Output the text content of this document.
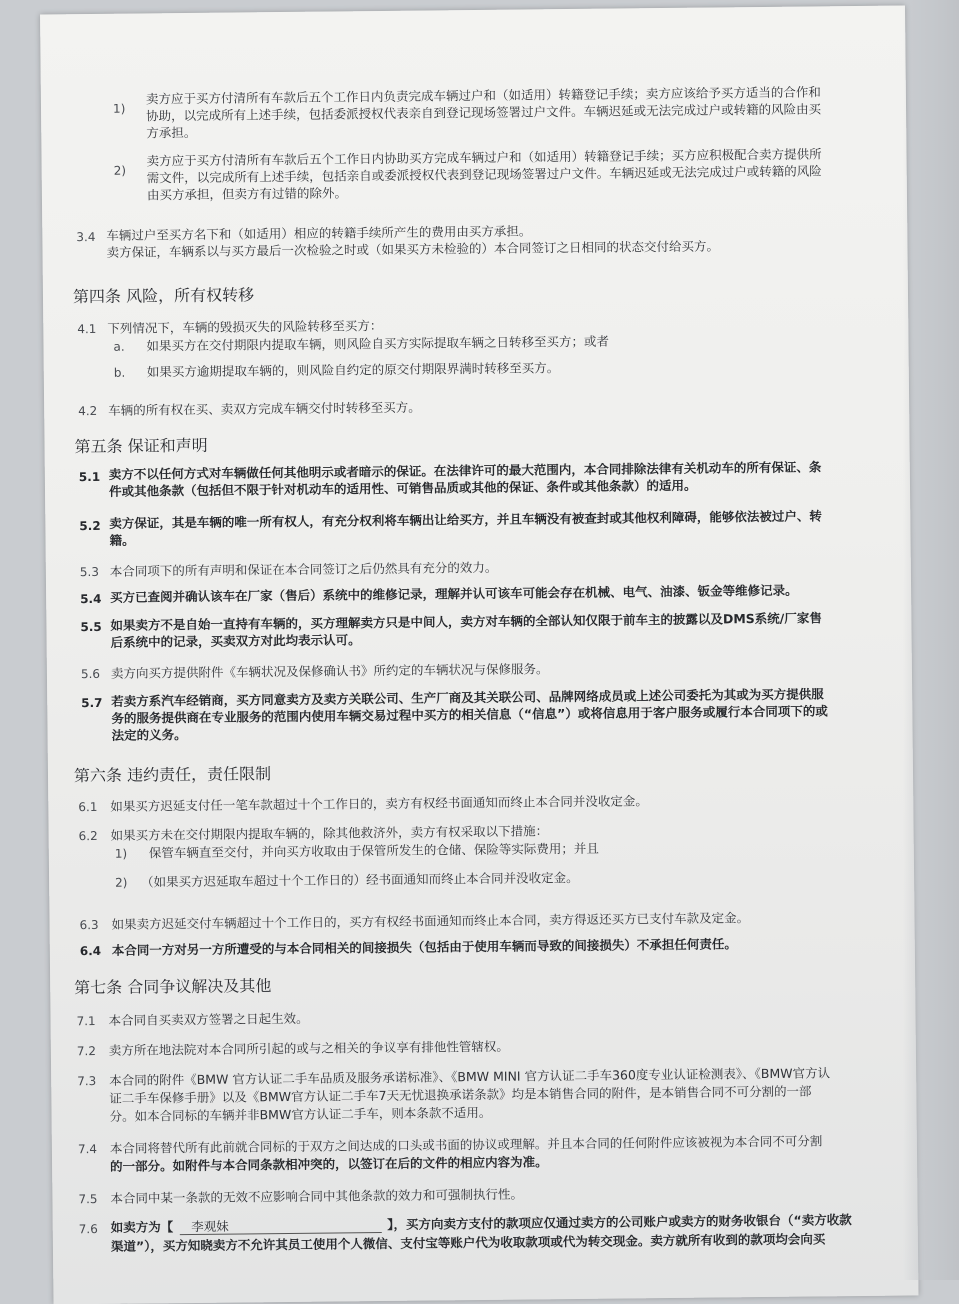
1)
卖方应于买方付清所有车款后五个工作日内负责完成车辆过户和（如适用）转籍登记手续；卖方应该给予买方适当的合作和
协助，以完成所有上述手续，包括委派授权代表亲自到登记现场签署过户文件。车辆迟延或无法完成过户或转籍的风险由买
方承担。
2)
卖方应于买方付清所有车款后五个工作日内协助买方完成车辆过户和（如适用）转籍登记手续；买方应积极配合卖方提供所
需文件，以完成所有上述手续，包括亲自或委派授权代表到登记现场签署过户文件。车辆迟延或无法完成过户或转籍的风险
由买方承担，但卖方有过错的除外。
3.4 车辆过户至买方名下和（如适用）相应的转籍手续所产生的费用由买方承担。
卖方保证，车辆系以与买方最后一次检验之时或（如果买方未检验的）本合同签订之日相同的状态交付给买方。
第四条 风险，所有权转移
4.1 下列情况下，车辆的毁损灭失的风险转移至买方：
a. 如果买方在交付期限内提取车辆，则风险自买方实际提取车辆之日转移至买方；或者
b. 如果买方逾期提取车辆的，则风险自约定的原交付期限界满时转移至买方。
4.2 车辆的所有权在买、卖双方完成车辆交付时转移至买方。
第五条 保证和声明
5.1 卖方不以任何方式对车辆做任何其他明示或者暗示的保证。在法律许可的最大范围内，本合同排除法律有关机动车的所有保证、条
件或其他条款（包括但不限于针对机动车的适用性、可销售品质或其他的保证、条件或其他条款）的适用。
5.2 卖方保证，其是车辆的唯一所有权人，有充分权利将车辆出让给买方，并且车辆没有被查封或其他权利障碍，能够依法被过户、转
籍。
5.3 本合同项下的所有声明和保证在本合同签订之后仍然具有充分的效力。
5.4 买方已查阅并确认该车在厂家（售后）系统中的维修记录，理解并认可该车可能会存在机械、电气、油漆、钣金等维修记录。
5.5 如果卖方不是自始一直持有车辆的，买方理解卖方只是中间人，卖方对车辆的全部认知仅限于前车主的披露以及DMS系统/厂家售
后系统中的记录，买卖双方对此均表示认可。
5.6 卖方向买方提供附件《车辆状况及保修确认书》所约定的车辆状况与保修服务。
5.7 若卖方系汽车经销商，买方同意卖方及卖方关联公司、生产厂商及其关联公司、品牌网络成员或上述公司委托为其或为买方提供服
务的服务提供商在专业服务的范围内使用车辆交易过程中买方的相关信息（“信息”）或将信息用于客户服务或履行本合同项下的或
法定的义务。
第六条 违约责任，责任限制
6.1 如果买方迟延支付任一笔车款超过十个工作日的，卖方有权经书面通知而终止本合同并没收定金。
6.2 如果买方未在交付期限内提取车辆的，除其他救济外，卖方有权采取以下措施：
1) 保管车辆直至交付，并向买方收取由于保管所发生的仓储、保险等实际费用；并且
2) （如果买方迟延取车超过十个工作日的）经书面通知而终止本合同并没收定金。
6.3 如果卖方迟延交付车辆超过十个工作日的，买方有权经书面通知而终止本合同，卖方得返还买方已支付车款及定金。
6.4 本合同一方对另一方所遭受的与本合同相关的间接损失（包括由于使用车辆而导致的间接损失）不承担任何责任。
第七条 合同争议解决及其他
7.1 本合同自买卖双方签署之日起生效。
7.2 卖方所在地法院对本合同所引起的或与之相关的争议享有排他性管辖权。
7.3 本合同的附件《BMW 官方认证二手车品质及服务承诺标准》、《BMW MINI 官方认证二手车360度专业认证检测表》、《BMW官方认
证二手车保修手册》以及《BMW官方认证二手车7天无忧退换承诺条款》均是本销售合同的附件，是本销售合同不可分割的一部
分。如本合同标的车辆并非BMW官方认证二手车，则本条款不适用。
7.4 本合同将替代所有此前就合同标的于双方之间达成的口头或书面的协议或理解。并且本合同的任何附件应该被视为本合同不可分割
的一部分。如附件与本合同条款相冲突的，以签订在后的文件的相应内容为准。
7.5 本合同中某一条款的无效不应影响合同中其他条款的效力和可强制执行性。
7.6 如卖方为【 李观妹	】，买方向卖方支付的款项应仅通过卖方的公司账户或卖方的财务收银台（“卖方收款
渠道”），买方知晓卖方不允许其员工使用个人微信、支付宝等账户代为收取款项或代为转交现金。卖方就所有收到的款项均会向买
